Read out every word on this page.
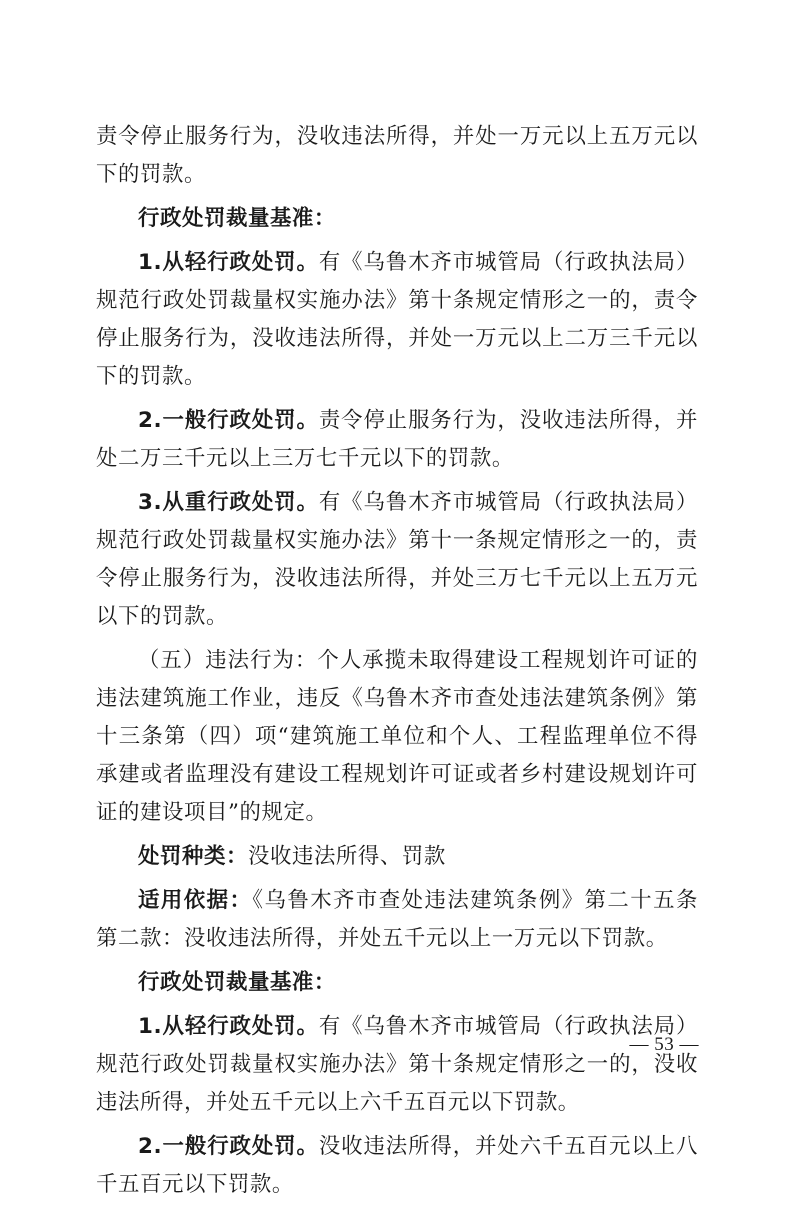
责令停止服务行为，没收违法所得，并处一万元以上五万元以下的罚款。

行政处罚裁量基准：

1.从轻行政处罚。有《乌鲁木齐市城管局（行政执法局）规范行政处罚裁量权实施办法》第十条规定情形之一的，责令停止服务行为，没收违法所得，并处一万元以上二万三千元以下的罚款。

2.一般行政处罚。责令停止服务行为，没收违法所得，并处二万三千元以上三万七千元以下的罚款。

3.从重行政处罚。有《乌鲁木齐市城管局（行政执法局）规范行政处罚裁量权实施办法》第十一条规定情形之一的，责令停止服务行为，没收违法所得，并处三万七千元以上五万元以下的罚款。

（五）违法行为：个人承揽未取得建设工程规划许可证的违法建筑施工作业，违反《乌鲁木齐市查处违法建筑条例》第十三条第（四）项“建筑施工单位和个人、工程监理单位不得承建或者监理没有建设工程规划许可证或者乡村建设规划许可证的建设项目”的规定。

处罚种类：没收违法所得、罚款

适用依据：《乌鲁木齐市查处违法建筑条例》第二十五条第二款：没收违法所得，并处五千元以上一万元以下罚款。

行政处罚裁量基准：

1.从轻行政处罚。有《乌鲁木齐市城管局（行政执法局）规范行政处罚裁量权实施办法》第十条规定情形之一的，没收违法所得，并处五千元以上六千五百元以下罚款。

2.一般行政处罚。没收违法所得，并处六千五百元以上八千五百元以下罚款。

— 53 —
